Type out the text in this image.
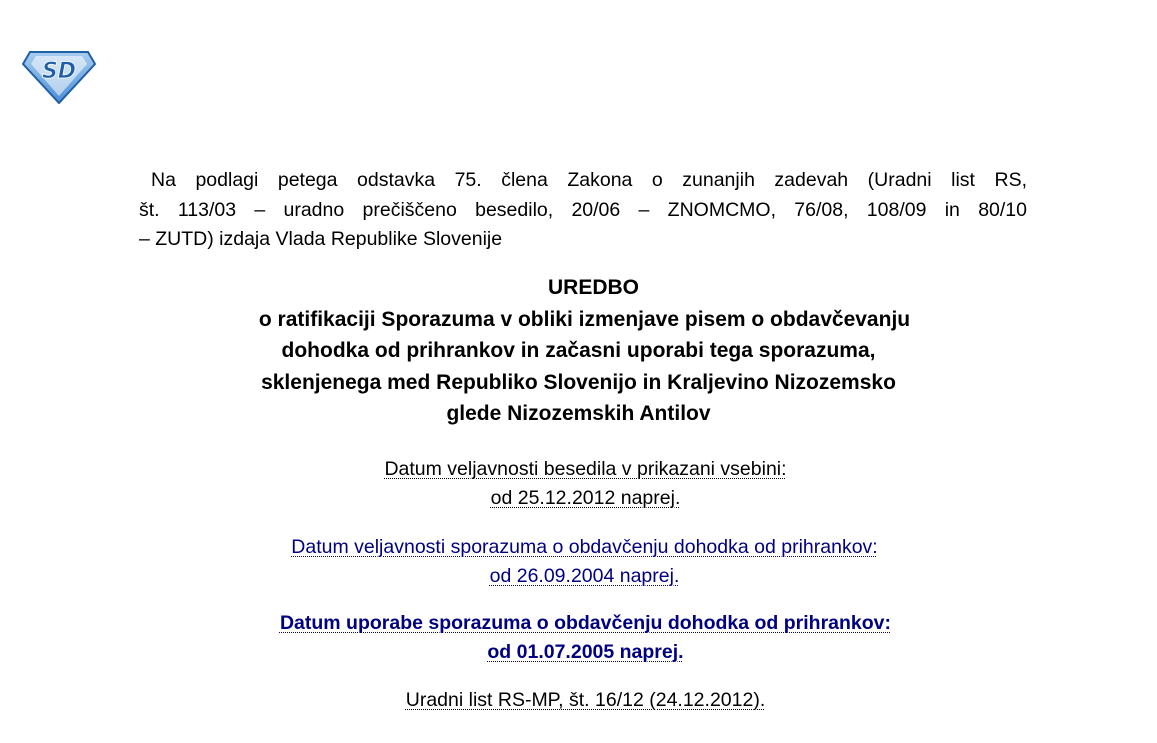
SD
Na podlagi petega odstavka 75. člena Zakona o zunanjih zadevah (Uradni list RS,
št. 113/03 – uradno prečiščeno besedilo, 20/06 – ZNOMCMO, 76/08, 108/09 in 80/10
– ZUTD) izdaja Vlada Republike Slovenije
UREDBO
o ratifikaciji Sporazuma v obliki izmenjave pisem o obdavčevanju
dohodka od prihrankov in začasni uporabi tega sporazuma,
sklenjenega med Republiko Slovenijo in Kraljevino Nizozemsko
glede Nizozemskih Antilov
Datum veljavnosti besedila v prikazani vsebini:
od 25.12.2012 naprej.
Datum veljavnosti sporazuma o obdavčenju dohodka od prihrankov:
od 26.09.2004 naprej.
Datum uporabe sporazuma o obdavčenju dohodka od prihrankov:
od 01.07.2005 naprej.
Uradni list RS-MP, št. 16/12 (24.12.2012).
